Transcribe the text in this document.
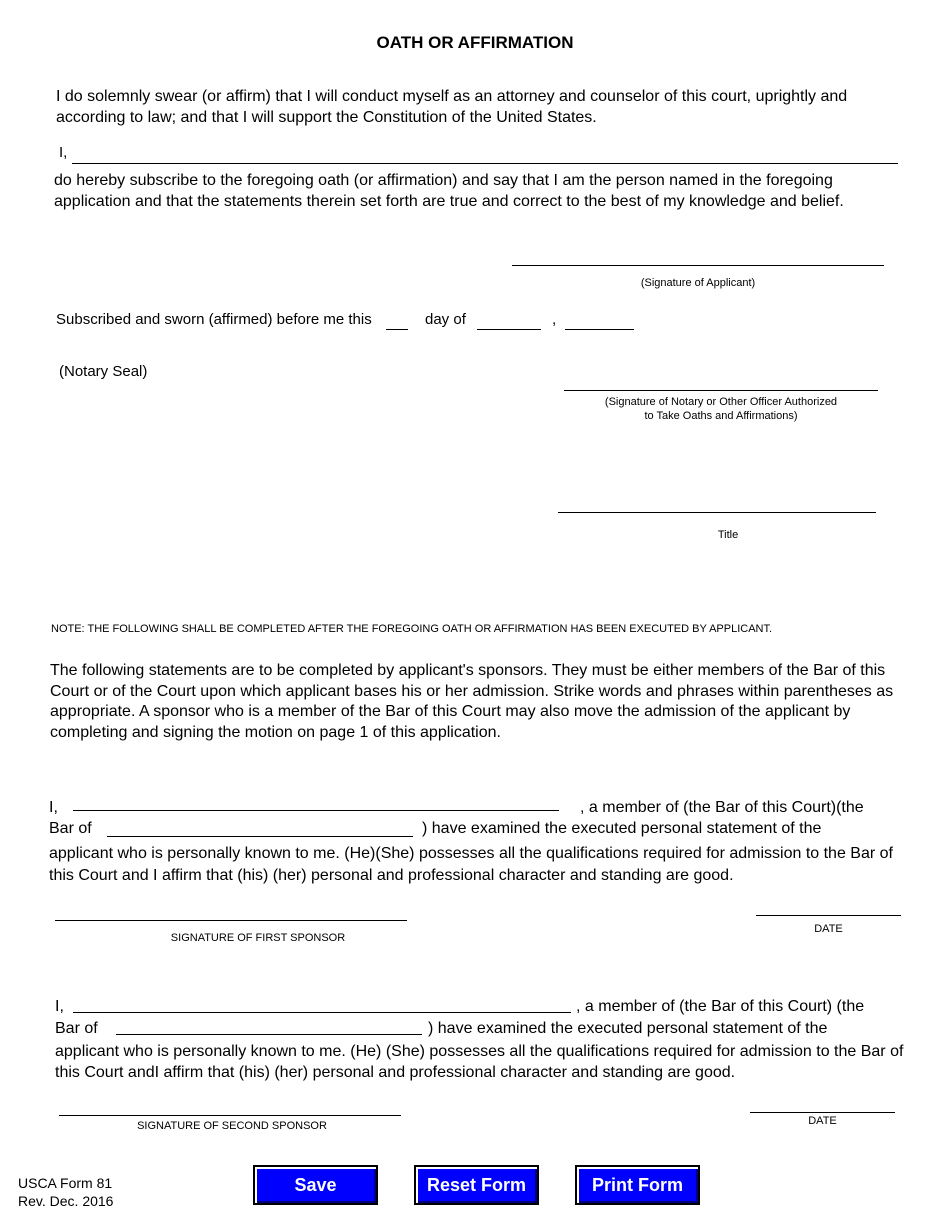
OATH OR AFFIRMATION
I do solemnly swear (or affirm) that I will conduct myself as an attorney and counselor of this court, uprightly and according to law; and that I will support the Constitution of the United States.
I,
do hereby subscribe to the foregoing oath (or affirmation) and say that I am the person named in the foregoing application and that the statements therein set forth are true and correct to the best of my knowledge and belief.
(Signature of Applicant)
Subscribed and sworn (affirmed) before me this	day of	,
(Notary Seal)
(Signature of Notary or Other Officer Authorized
to Take Oaths and Affirmations)
Title
NOTE: THE FOLLOWING SHALL BE COMPLETED AFTER THE FOREGOING OATH OR AFFIRMATION HAS BEEN EXECUTED BY APPLICANT.
The following statements are to be completed by applicant's sponsors. They must be either members of the Bar of this Court or of the Court upon which applicant bases his or her admission. Strike words and phrases within parentheses as appropriate. A sponsor who is a member of the Bar of this Court may also move the admission of the applicant by completing and signing the motion on page 1 of this application.
I,	, a member of (the Bar of this Court)(the
Bar of	) have examined the executed personal statement of the
applicant who is personally known to me. (He)(She) possesses all the qualifications required for admission to the Bar of this Court and I affirm that (his) (her) personal and professional character and standing are good.
SIGNATURE OF FIRST SPONSOR
DATE
I,	, a member of (the Bar of this Court) (the
Bar of	) have examined the executed personal statement of the
applicant who is personally known to me. (He) (She) possesses all the qualifications required for admission to the Bar of this Court andI affirm that (his) (her) personal and professional character and standing are good.
SIGNATURE OF SECOND SPONSOR	DATE
USCA Form 81
Rev. Dec. 2016
Save	Reset Form	Print Form
